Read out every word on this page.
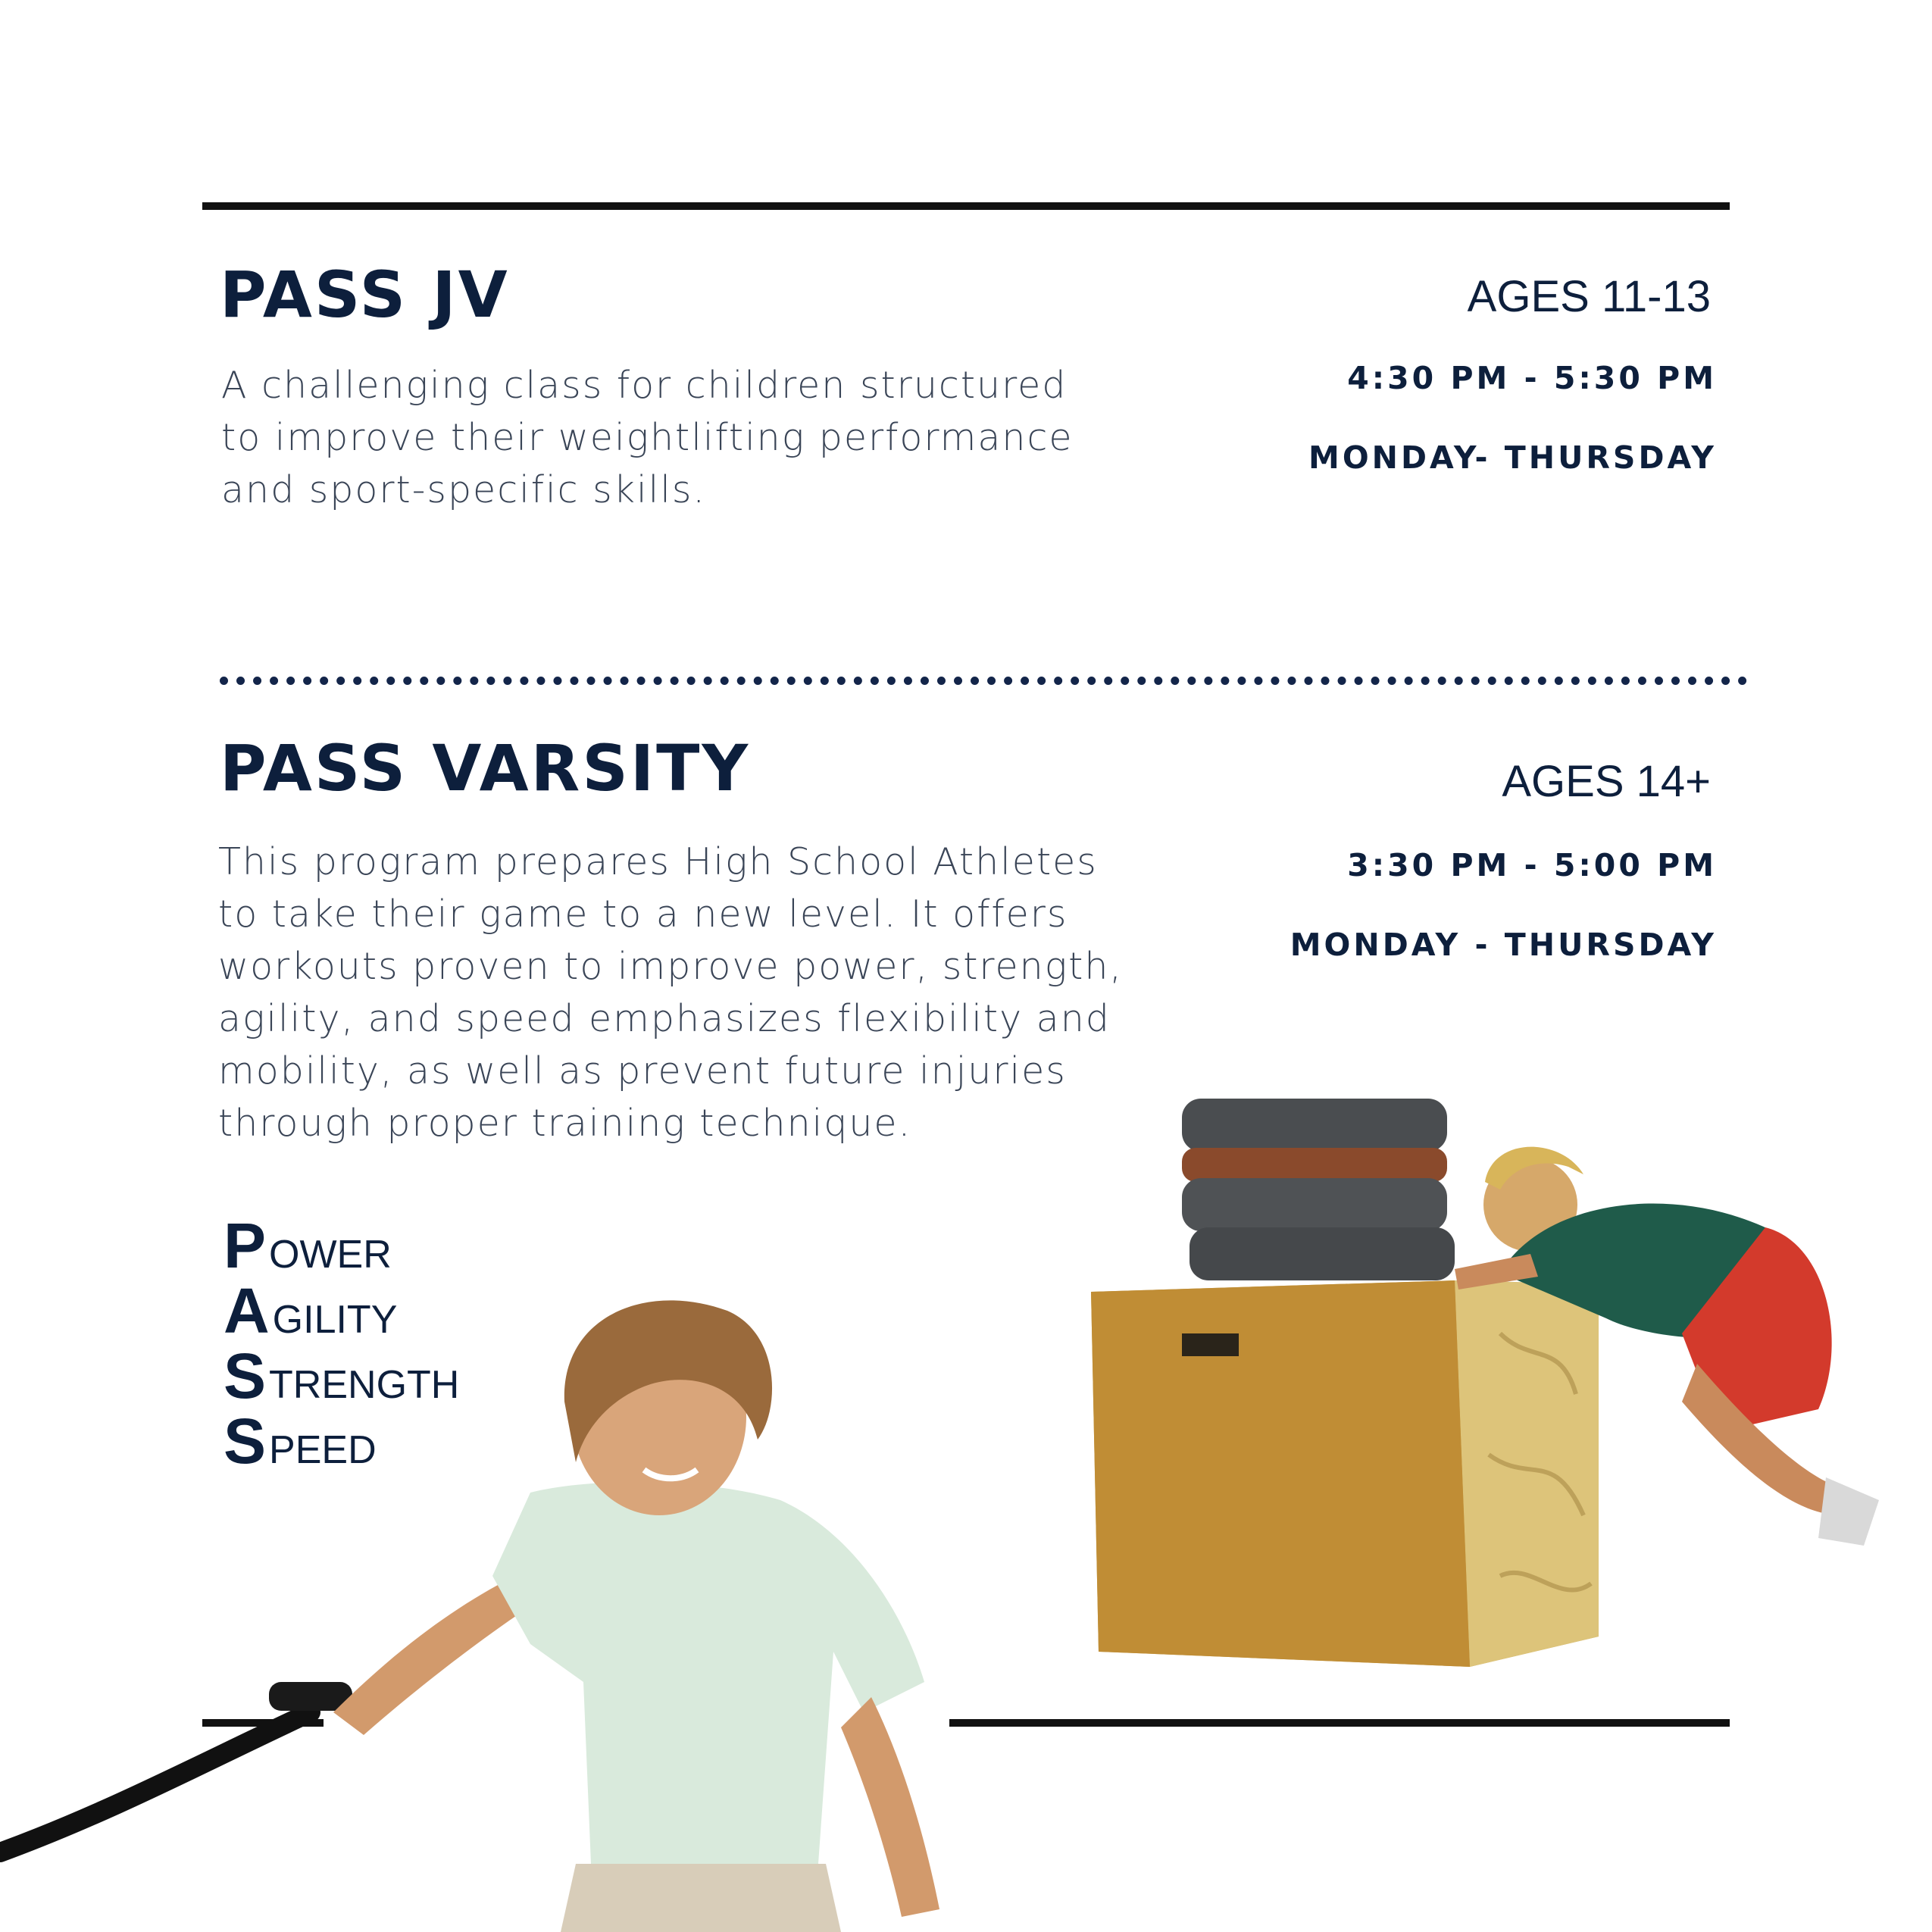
PASS JV	AGES 11-13
4:30 PM - 5:30 PM
MONDAY- THURSDAY
A challenging class for children structured
to improve their weightlifting performance
and sport-specific skills.
PASS VARSITY	AGES 14+
3:30 PM - 5:00 PM
MONDAY - THURSDAY
This program prepares High School Athletes
to take their game to a new level. It offers
workouts proven to improve power, strength,
agility, and speed emphasizes flexibility and
mobility, as well as prevent future injuries
through proper training technique.
P OWER
A GILITY
S TRENGTH
S PEED
